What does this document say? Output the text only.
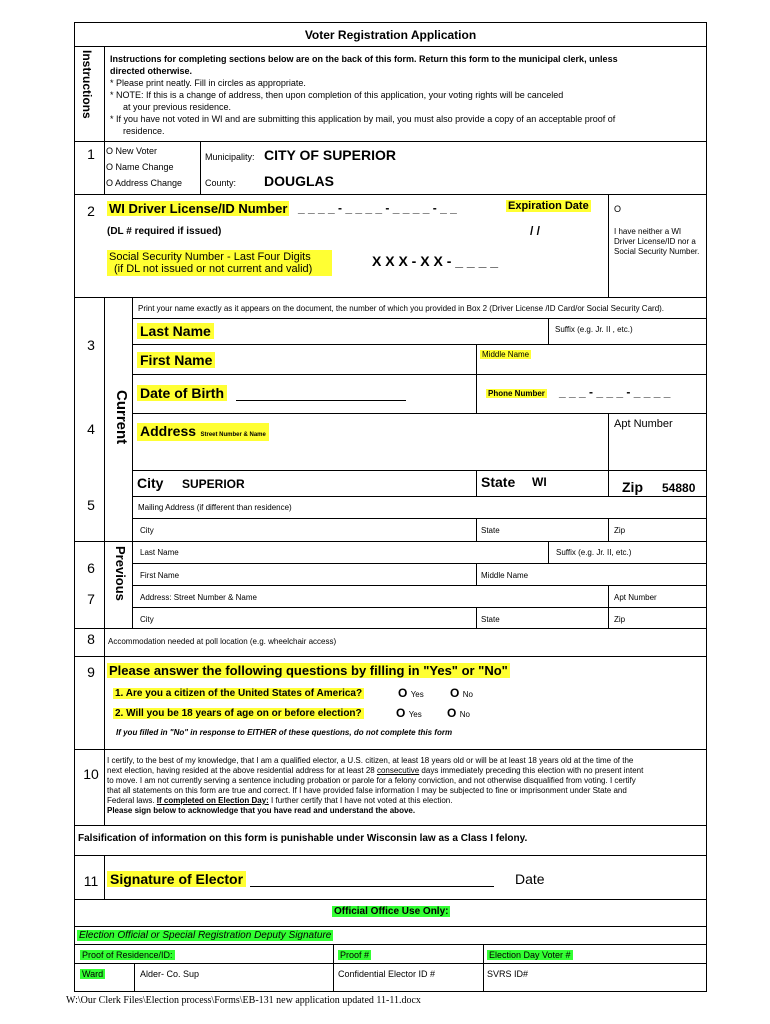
Voter Registration Application
Instructions Instructions for completing sections below are on the back of this form. Return this form to the municipal clerk, unless
directed otherwise.
* Please print neatly. Fill in circles as appropriate.
* NOTE: If this is a change of address, then upon completion of this application, your voting rights will be canceled
at your previous residence.
* If you have not voted in WI and are submitting this application by mail, you must also provide a copy of an acceptable proof of
residence.
1	O New Voter
O Name Change
O Address Change
Municipality: CITY OF SUPERIOR
County: DOUGLAS
2	WI Driver License/ID Number _ _ _ _ - _ _ _ _ - _ _ _ _ - _ _
(DL # required if issued)
Expiration Date
/ /
O
I have neither a WI Driver License/ID nor a Social Security Number.
Social Security Number - Last Four Digits
(if DL not issued or not current and valid)	X X X - X X - _ _ _ _
Current
Print your name exactly as it appears on the document, the number of which you provided in Box 2 (Driver License /ID Card/or Social Security Card).
3
Last Name	Suffix (e.g. Jr. II , etc.)
First Name	Middle Name
Date of Birth	Phone Number _ _ _ - _ _ _ - _ _ _ _
4	Address Street Number & Name
Apt Number
City SUPERIOR	State WI	Zip 54880
5	Mailing Address (if different than residence)
City	State	Zip
Previous
6
Last Name	Suffix (e.g. Jr. II, etc.)
First Name	Middle Name
7	Address: Street Number & Name	Apt Number
City	State	Zip
8	Accommodation needed at poll location (e.g. wheelchair access)
9	Please answer the following questions by filling in "Yes" or "No"
1. Are you a citizen of the United States of America?	O Yes O No
2. Will you be 18 years of age on or before election?	O Yes O No
If you filled in "No" in response to EITHER of these questions, do not complete this form
10
I certify, to the best of my knowledge, that I am a qualified elector, a U.S. citizen, at least 18 years old or will be at least 18 years old at the time of the
next election, having resided at the above residential address for at least 28 consecutive days immediately preceding this election with no present intent
to move. I am not currently serving a sentence including probation or parole for a felony conviction, and not otherwise disqualified from voting. I certify
that all statements on this form are true and correct. If I have provided false information I may be subjected to fine or imprisonment under State and
Federal laws. If completed on Election Day: I further certify that I have not voted at this election.
Please sign below to acknowledge that you have read and understand the above.
Falsification of information on this form is punishable under Wisconsin law as a Class I felony.
11 Signature of Elector	Date
Official Office Use Only:
Election Official or Special Registration Deputy Signature
Proof of Residence/ID:	Proof #	Election Day Voter #
Ward	Alder- Co. Sup	Confidential Elector ID #	SVRS ID#
W:\Our Clerk Files\Election process\Forms\EB-131 new application updated 11-11.docx
